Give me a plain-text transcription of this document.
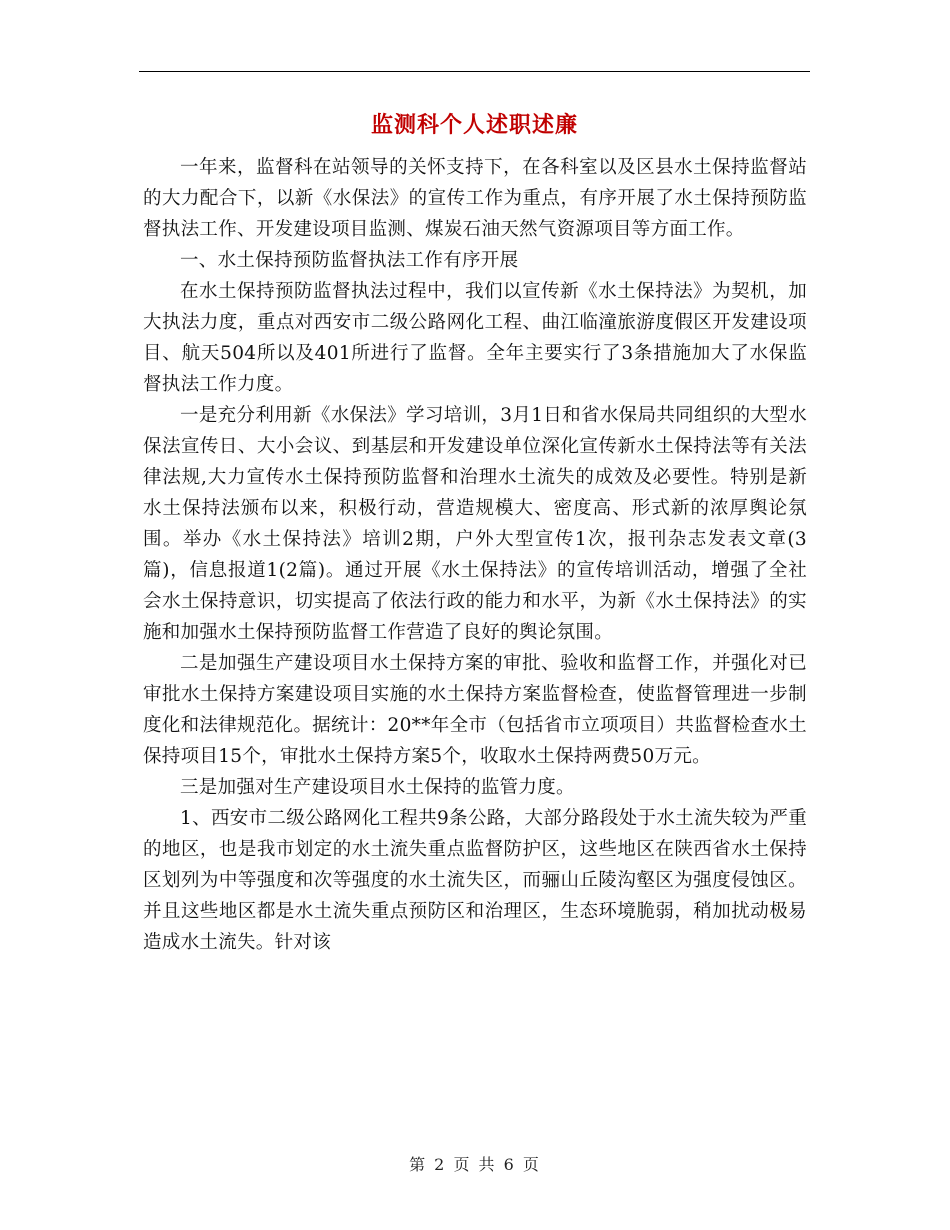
监测科个人述职述廉

一年来，监督科在站领导的关怀支持下，在各科室以及区县水土保持监督站的大力配合下，以新《水保法》的宣传工作为重点，有序开展了水土保持预防监督执法工作、开发建设项目监测、煤炭石油天然气资源项目等方面工作。

一、水土保持预防监督执法工作有序开展

在水土保持预防监督执法过程中，我们以宣传新《水土保持法》为契机，加大执法力度，重点对西安市二级公路网化工程、曲江临潼旅游度假区开发建设项目、航天504所以及401所进行了监督。全年主要实行了3条措施加大了水保监督执法工作力度。

一是充分利用新《水保法》学习培训，3月1日和省水保局共同组织的大型水保法宣传日、大小会议、到基层和开发建设单位深化宣传新水土保持法等有关法律法规,大力宣传水土保持预防监督和治理水土流失的成效及必要性。特别是新水土保持法颁布以来，积极行动，营造规模大、密度高、形式新的浓厚舆论氛围。举办《水土保持法》培训2期，户外大型宣传1次，报刊杂志发表文章(3篇)，信息报道1(2篇)。通过开展《水土保持法》的宣传培训活动，增强了全社会水土保持意识，切实提高了依法行政的能力和水平，为新《水土保持法》的实施和加强水土保持预防监督工作营造了良好的舆论氛围。

二是加强生产建设项目水土保持方案的审批、验收和监督工作，并强化对已审批水土保持方案建设项目实施的水土保持方案监督检查，使监督管理进一步制度化和法律规范化。据统计：20**年全市（包括省市立项项目）共监督检查水土保持项目15个，审批水土保持方案5个，收取水土保持两费50万元。

三是加强对生产建设项目水土保持的监管力度。

1、西安市二级公路网化工程共9条公路，大部分路段处于水土流失较为严重的地区，也是我市划定的水土流失重点监督防护区，这些地区在陕西省水土保持区划列为中等强度和次等强度的水土流失区，而骊山丘陵沟壑区为强度侵蚀区。并且这些地区都是水土流失重点预防区和治理区，生态环境脆弱，稍加扰动极易造成水土流失。针对该

第 2 页 共 6 页
